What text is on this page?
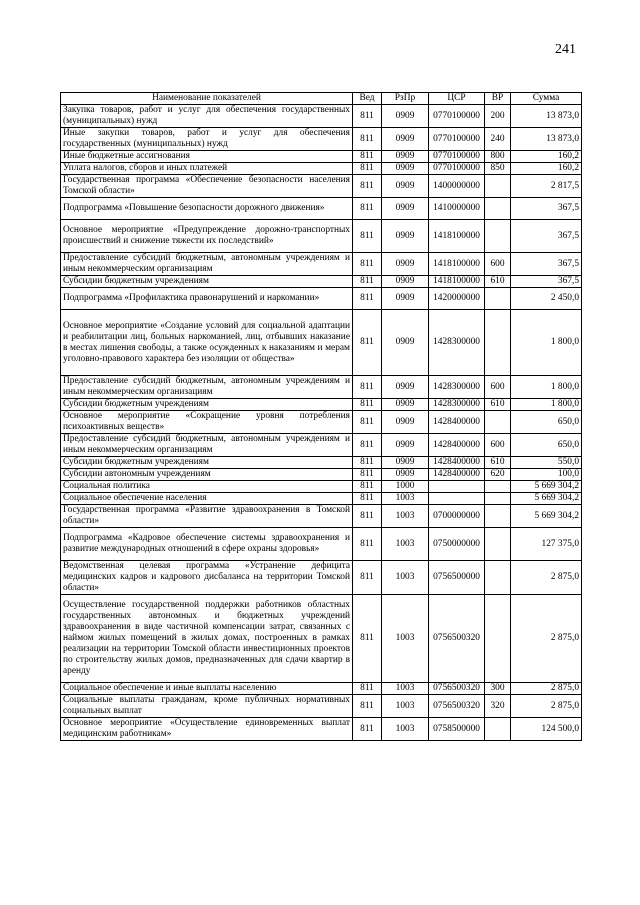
241
Наименование показателей	Вед	РзПр	ЦСР	ВР	Сумма
Закупка товаров, работ и услуг для обеспечения государственных (муниципальных) нужд	811	0909	0770100000	200	13 873,0
Иные закупки товаров, работ и услуг для обеспечения государственных (муниципальных) нужд	811	0909	0770100000	240	13 873,0
Иные бюджетные ассигнования	811	0909	0770100000	800	160,2
Уплата налогов, сборов и иных платежей	811	0909	0770100000	850	160,2
Государственная программа «Обеспечение безопасности населения Томской области»	811	0909	1400000000		2 817,5
Подпрограмма «Повышение безопасности дорожного движения»	811	0909	1410000000		367,5
Основное мероприятие «Предупреждение дорожно-транспортных происшествий и снижение тяжести их последствий»	811	0909	1418100000		367,5
Предоставление субсидий бюджетным, автономным учреждениям и иным некоммерческим организациям	811	0909	1418100000	600	367,5
Субсидии бюджетным учреждениям	811	0909	1418100000	610	367,5
Подпрограмма «Профилактика правонарушений и наркомании»	811	0909	1420000000		2 450,0
Основное мероприятие «Создание условий для социальной адаптации и реабилитации лиц, больных наркоманией, лиц, отбывших наказание в местах лишения свободы, а также осужденных к наказаниям и мерам уголовно-правового характера без изоляции от общества»	811	0909	1428300000		1 800,0
Предоставление субсидий бюджетным, автономным учреждениям и иным некоммерческим организациям	811	0909	1428300000	600	1 800,0
Субсидии бюджетным учреждениям	811	0909	1428300000	610	1 800,0
Основное мероприятие «Сокращение уровня потребления психоактивных веществ»	811	0909	1428400000		650,0
Предоставление субсидий бюджетным, автономным учреждениям и иным некоммерческим организациям	811	0909	1428400000	600	650,0
Субсидии бюджетным учреждениям	811	0909	1428400000	610	550,0
Субсидии автономным учреждениям	811	0909	1428400000	620	100,0
Социальная политика	811	1000			5 669 304,2
Социальное обеспечение населения	811	1003			5 669 304,2
Государственная программа «Развитие здравоохранения в Томской области»	811	1003	0700000000		5 669 304,2
Подпрограмма «Кадровое обеспечение системы здравоохранения и развитие международных отношений в сфере охраны здоровья»	811	1003	0750000000		127 375,0
Ведомственная целевая программа «Устранение дефицита медицинских кадров и кадрового дисбаланса на территории Томской области»	811	1003	0756500000		2 875,0
Осуществление государственной поддержки работников областных государственных автономных и бюджетных учреждений здравоохранения в виде частичной компенсации затрат, связанных с наймом жилых помещений в жилых домах, построенных в рамках реализации на территории Томской области инвестиционных проектов по строительству жилых домов, предназначенных для сдачи квартир в аренду	811	1003	0756500320		2 875,0
Социальное обеспечение и иные выплаты населению	811	1003	0756500320	300	2 875,0
Социальные выплаты гражданам, кроме публичных нормативных социальных выплат	811	1003	0756500320	320	2 875,0
Основное мероприятие «Осуществление единовременных выплат медицинским работникам»	811	1003	0758500000		124 500,0
